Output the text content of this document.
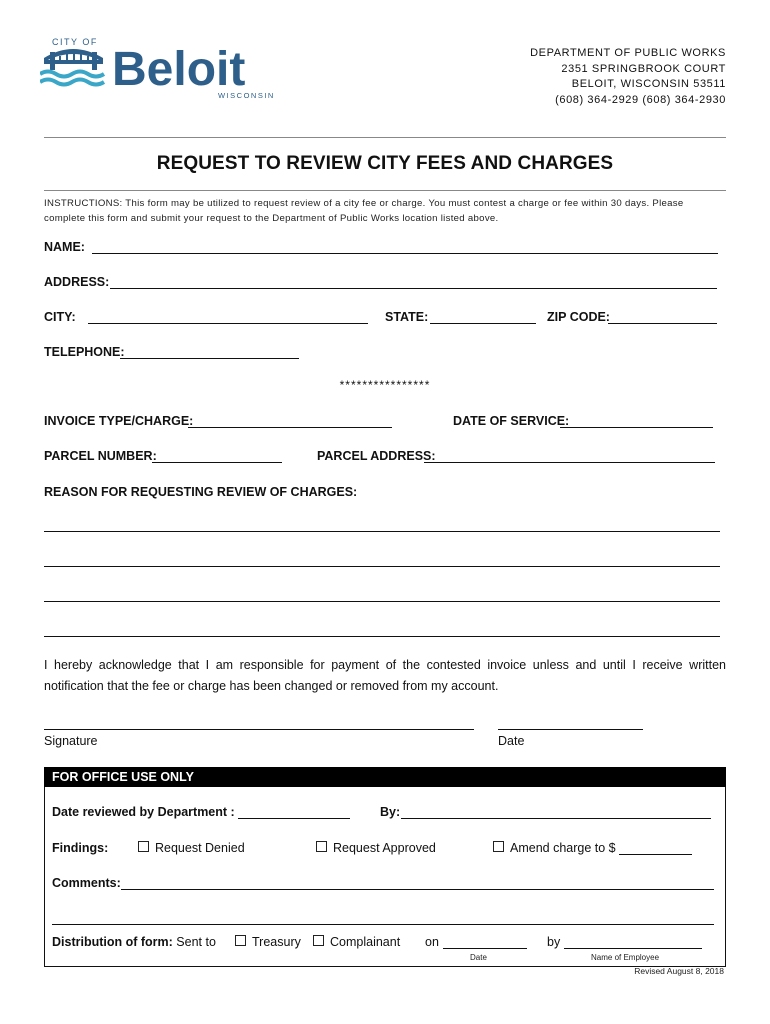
CITY OF
Beloit
WISCONSIN
DEPARTMENT OF PUBLIC WORKS
2351 SPRINGBROOK COURT
BELOIT, WISCONSIN 53511
(608) 364-2929 (608) 364-2930
REQUEST TO REVIEW CITY FEES AND CHARGES
INSTRUCTIONS: This form may be utilized to request review of a city fee or charge. You must contest a charge or fee within 30 days. Please complete this form and submit your request to the Department of Public Works location listed above.
NAME:
ADDRESS:
CITY:	STATE:	ZIP CODE:
TELEPHONE:
****************
INVOICE TYPE/CHARGE:	DATE OF SERVICE:
PARCEL NUMBER:	PARCEL ADDRESS:
REASON FOR REQUESTING REVIEW OF CHARGES:
I hereby acknowledge that I am responsible for payment of the contested invoice unless and until I receive written notification that the fee or charge has been changed or removed from my account.
Signature	Date
FOR OFFICE USE ONLY
Date reviewed by Department :	By:
Findings:	Request Denied	Request Approved	Amend charge to $
Comments:
Distribution of form: Sent to	Treasury	Complainant on	by
Date	Name of Employee
Revised August 8, 2018
